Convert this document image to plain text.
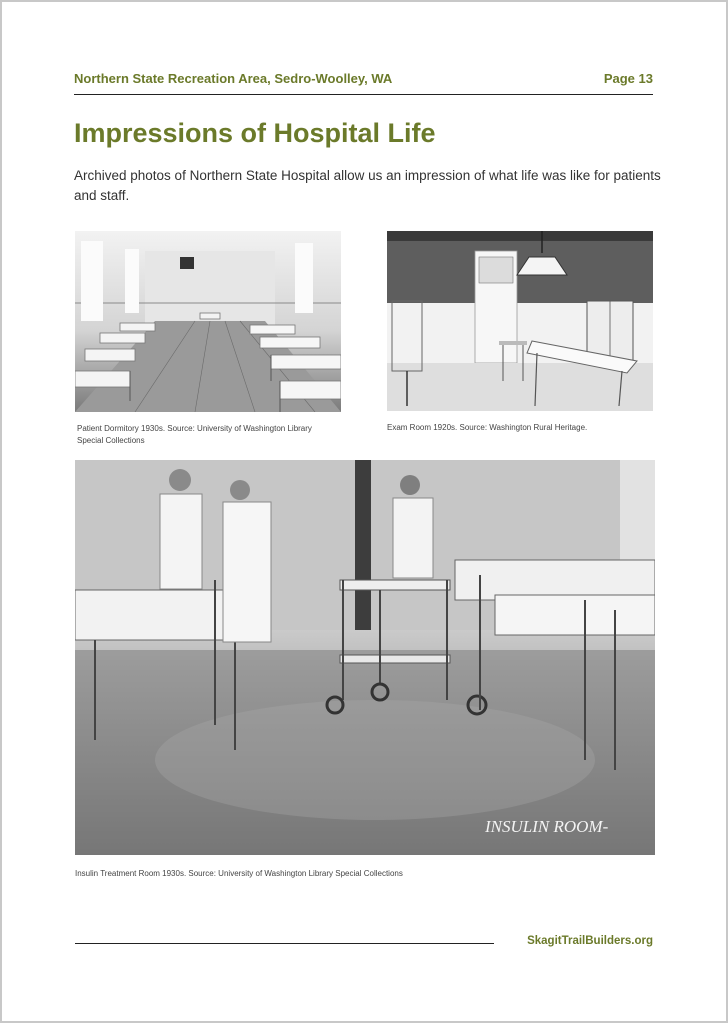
Northern State Recreation Area, Sedro-Woolley, WA	Page 13
Impressions of Hospital Life

Archived photos of Northern State Hospital allow us an impression of what life was like for patients and staff.

Patient Dormitory 1930s. Source: University of Washington Library Special Collections
Exam Room 1920s. Source: Washington Rural Heritage.
INSULIN ROOM-
Insulin Treatment Room 1930s. Source: University of Washington Library Special Collections
SkagitTrailBuilders.org
